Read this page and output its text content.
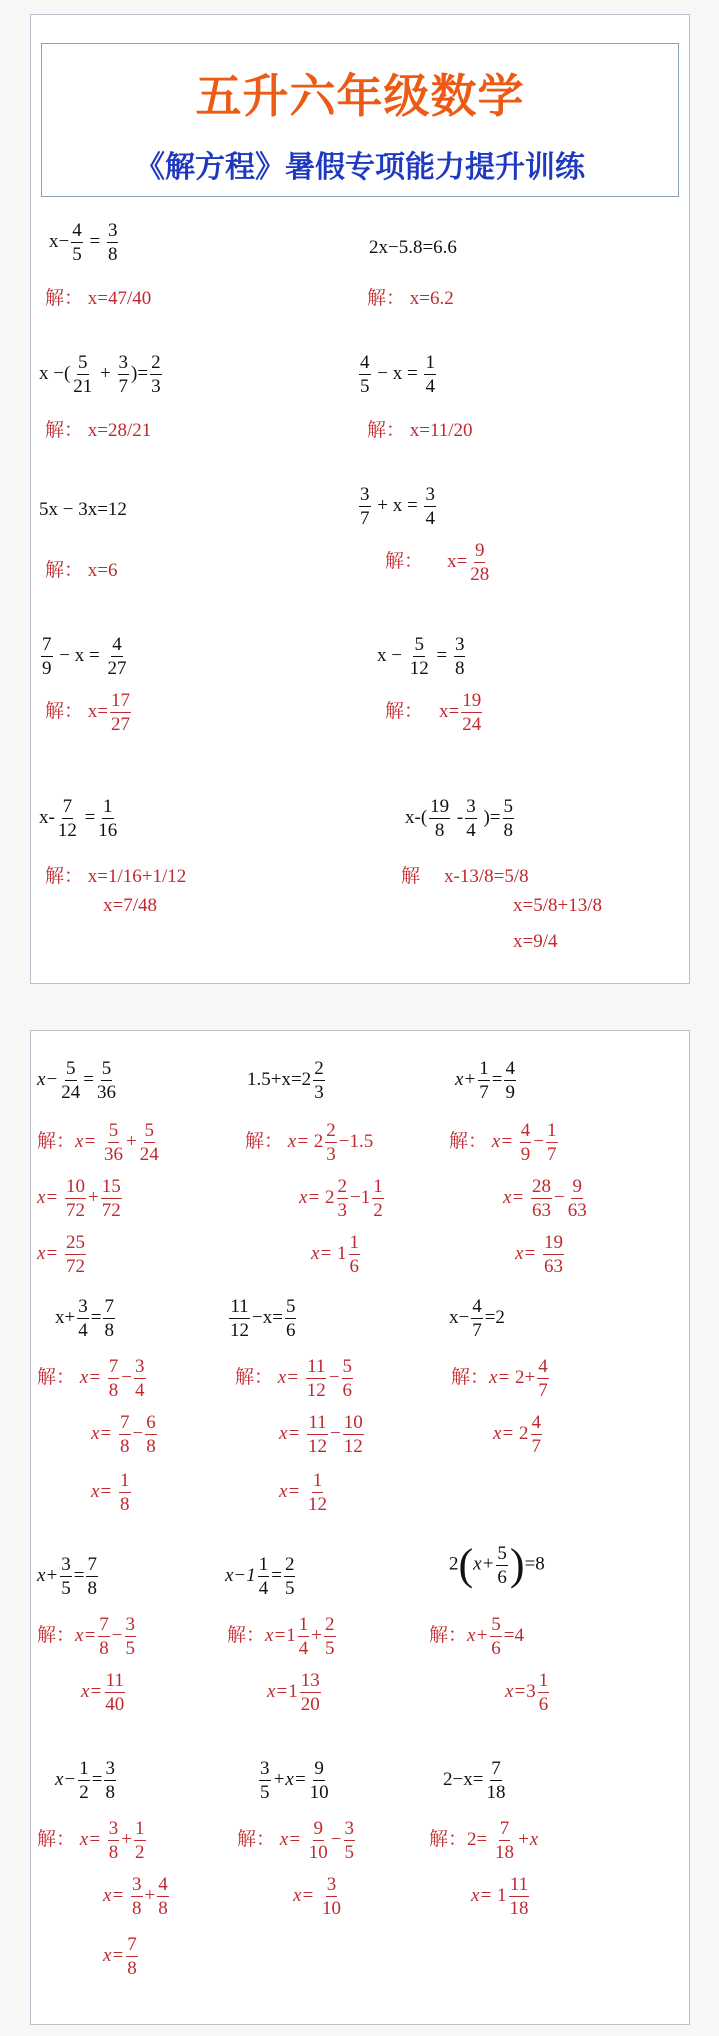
五升六年级数学
《解方程》暑假专项能力提升训练
$x- \frac{4}{5} = \frac{3}{8}$
解： x=47/40
2x−5.8=6.6
解： x=6.2
x −( $\frac{5}{21} + \frac{3}{7}$ )= $\frac{2}{3}$
解： x=28/21
$\frac{4}{5} - x = \frac{1}{4}$
解： x=11/20
5x − 3x=12
解： x=6
$\frac{3}{7} + x = \frac{3}{4}$
解： $x= \frac{9}{28}$
$\frac{7}{9} - x = \frac{4}{27}$
解： $x= \frac{17}{27}$
$x - \frac{5}{12} = \frac{3}{8}$
解： $x= \frac{19}{24}$
$x- \frac{7}{12} = \frac{1}{16}$
解： x=1/16+1/12
x=7/48
$x-( \frac{19}{8} - \frac{3}{4}$ )= $\frac{5}{8}$
解 x-13/8=5/8
x=5/8+13/8
x=9/4
$x- \frac{5}{24} = \frac{5}{36}$
解：$x= \frac{5}{36} + \frac{5}{24}$
$x= \frac{10}{72} + \frac{15}{72}$
$x= \frac{25}{72}$
$1.5+x=2 \frac{2}{3}$
解： $x= 2 \frac{2}{3} -1.5$
$x= 2 \frac{2}{3} -1 \frac{1}{2}$
$x= 1 \frac{1}{6}$
$x+ \frac{1}{7} = \frac{4}{9}$
解： $x= \frac{4}{9} - \frac{1}{7}$
$x= \frac{28}{63} - \frac{9}{63}$
$x= \frac{19}{63}$
$x+ \frac{3}{4} = \frac{7}{8}$
解： $x= \frac{7}{8} - \frac{3}{4}$
$x= \frac{7}{8} - \frac{6}{8}$
$x= \frac{1}{8}$
$\frac{11}{12} -x= \frac{5}{6}$
解： $x= \frac{11}{12} - \frac{5}{6}$
$x= \frac{11}{12} - \frac{10}{12}$
$x= \frac{1}{12}$
$x- \frac{4}{7} =2$
解：$x= 2+ \frac{4}{7}$
$x= 2 \frac{4}{7}$
$x+ \frac{3}{5} = \frac{7}{8}$
解：$x= \frac{7}{8} - \frac{3}{5}$
$x= \frac{11}{40}$
$x-1 \frac{1}{4} = \frac{2}{5}$
解：$x=1 \frac{1}{4} + \frac{2}{5}$
$x=1 \frac{13}{20}$
$2(x+ \frac{5}{6} )=8$
解：$x+ \frac{5}{6} =4$
$x=3 \frac{1}{6}$
$x- \frac{1}{2} = \frac{3}{8}$
解： $x= \frac{3}{8} + \frac{1}{2}$
$x= \frac{3}{8} + \frac{4}{8}$
$x= \frac{7}{8}$
$\frac{3}{5} +x= \frac{9}{10}$
解： $x= \frac{9}{10} - \frac{3}{5}$
$x= \frac{3}{10}$
$2-x= \frac{7}{18}$
解：$2= \frac{7}{18} +x$
$x= 1 \frac{11}{18}$
